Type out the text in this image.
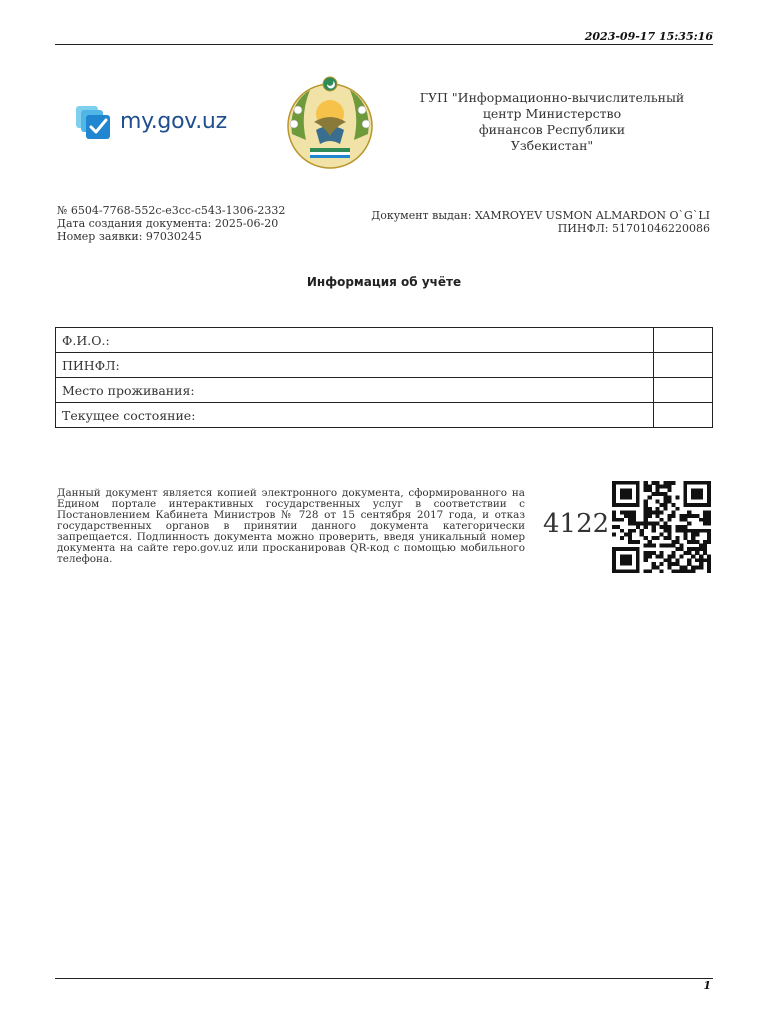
2023-09-17 15:35:16
my.gov.uz
ГУП "Информационно-вычислительный
центр Министерство
финансов Республики
Узбекистан"
№ 6504-7768-552c-e3cc-c543-1306-2332
Дата создания документа: 2025-06-20
Номер заявки: 97030245
Документ выдан: XAMROYEV USMON ALMARDON O`G`LI
ПИНФЛ: 51701046220086
Информация об учёте
Ф.И.О.:	
ПИНФЛ:	
Место проживания:	
Текущее состояние:	
Данный документ является копией электронного документа, сформированного на Едином портале интерактивных государственных услуг в соответствии с Постановлением Кабинета Министров № 728 от 15 сентября 2017 года, и отказ государственных органов в принятии данного документа категорически запрещается. Подлинность документа можно проверить, введя уникальный номер документа на сайте repo.gov.uz или просканировав QR-код с помощью мобильного телефона.
4122
1
